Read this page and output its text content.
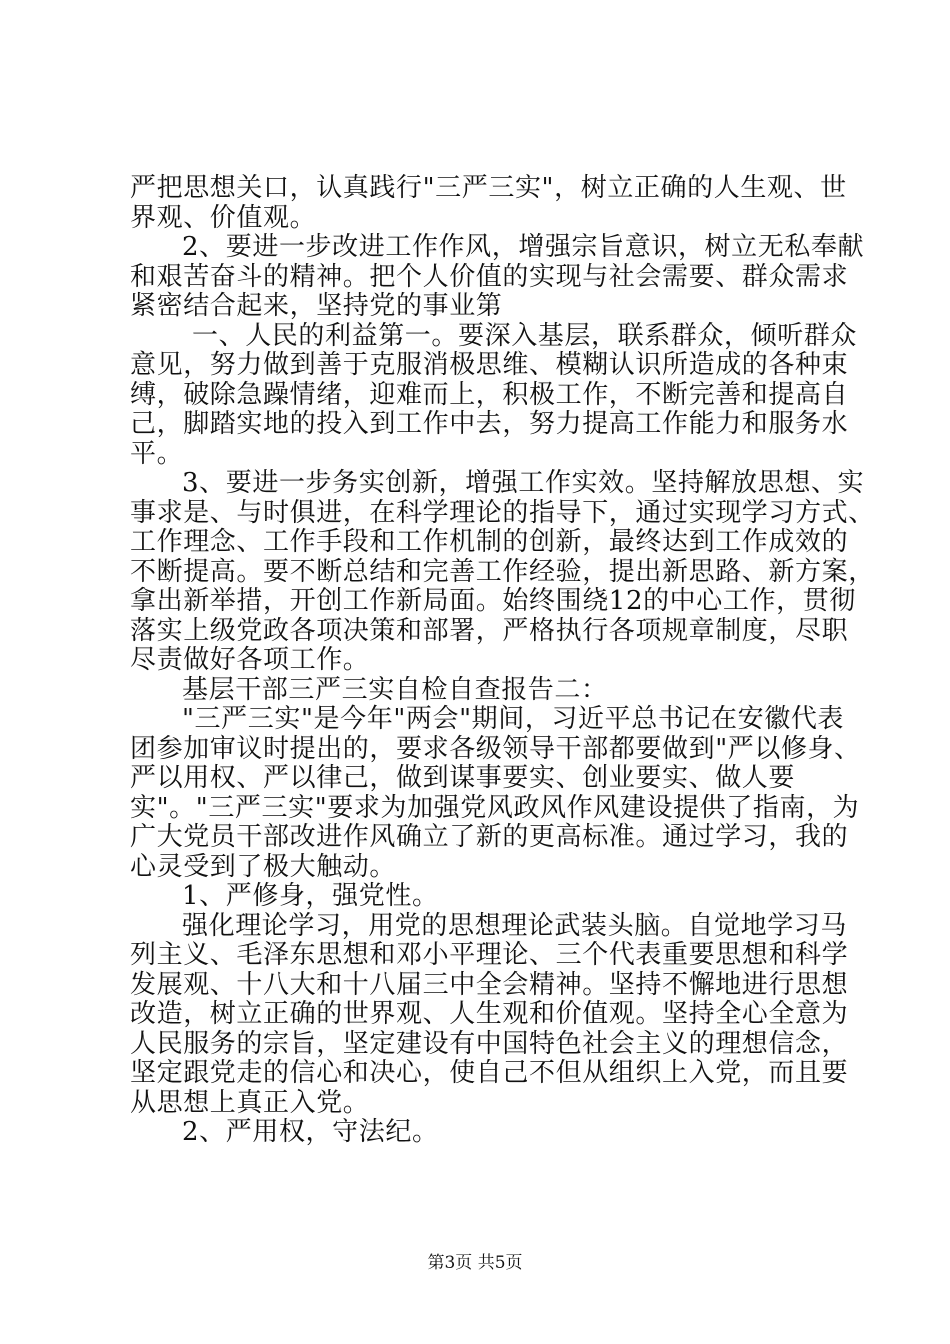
严把思想关口，认真践行"三严三实"，树立正确的人生观、世
界观、价值观。
2、要进一步改进工作作风，增强宗旨意识，树立无私奉献
和艰苦奋斗的精神。把个人价值的实现与社会需要、群众需求
紧密结合起来，坚持党的事业第
一、人民的利益第一。要深入基层，联系群众，倾听群众
意见，努力做到善于克服消极思维、模糊认识所造成的各种束
缚，破除急躁情绪，迎难而上，积极工作，不断完善和提高自
己，脚踏实地的投入到工作中去，努力提高工作能力和服务水
平。
3、要进一步务实创新，增强工作实效。坚持解放思想、实
事求是、与时俱进，在科学理论的指导下，通过实现学习方式、
工作理念、工作手段和工作机制的创新，最终达到工作成效的
不断提高。要不断总结和完善工作经验，提出新思路、新方案，
拿出新举措，开创工作新局面。始终围绕12的中心工作，贯彻
落实上级党政各项决策和部署，严格执行各项规章制度，尽职
尽责做好各项工作。
基层干部三严三实自检自查报告二：
"三严三实"是今年"两会"期间，习近平总书记在安徽代表
团参加审议时提出的，要求各级领导干部都要做到"严以修身、
严以用权、严以律己，做到谋事要实、创业要实、做人要
实"。"三严三实"要求为加强党风政风作风建设提供了指南，为
广大党员干部改进作风确立了新的更高标准。通过学习，我的
心灵受到了极大触动。
1、严修身，强党性。
强化理论学习，用党的思想理论武装头脑。自觉地学习马
列主义、毛泽东思想和邓小平理论、三个代表重要思想和科学
发展观、十八大和十八届三中全会精神。坚持不懈地进行思想
改造，树立正确的世界观、人生观和价值观。坚持全心全意为
人民服务的宗旨，坚定建设有中国特色社会主义的理想信念，
坚定跟党走的信心和决心，使自己不但从组织上入党，而且要
从思想上真正入党。
2、严用权，守法纪。
第3页 共5页
